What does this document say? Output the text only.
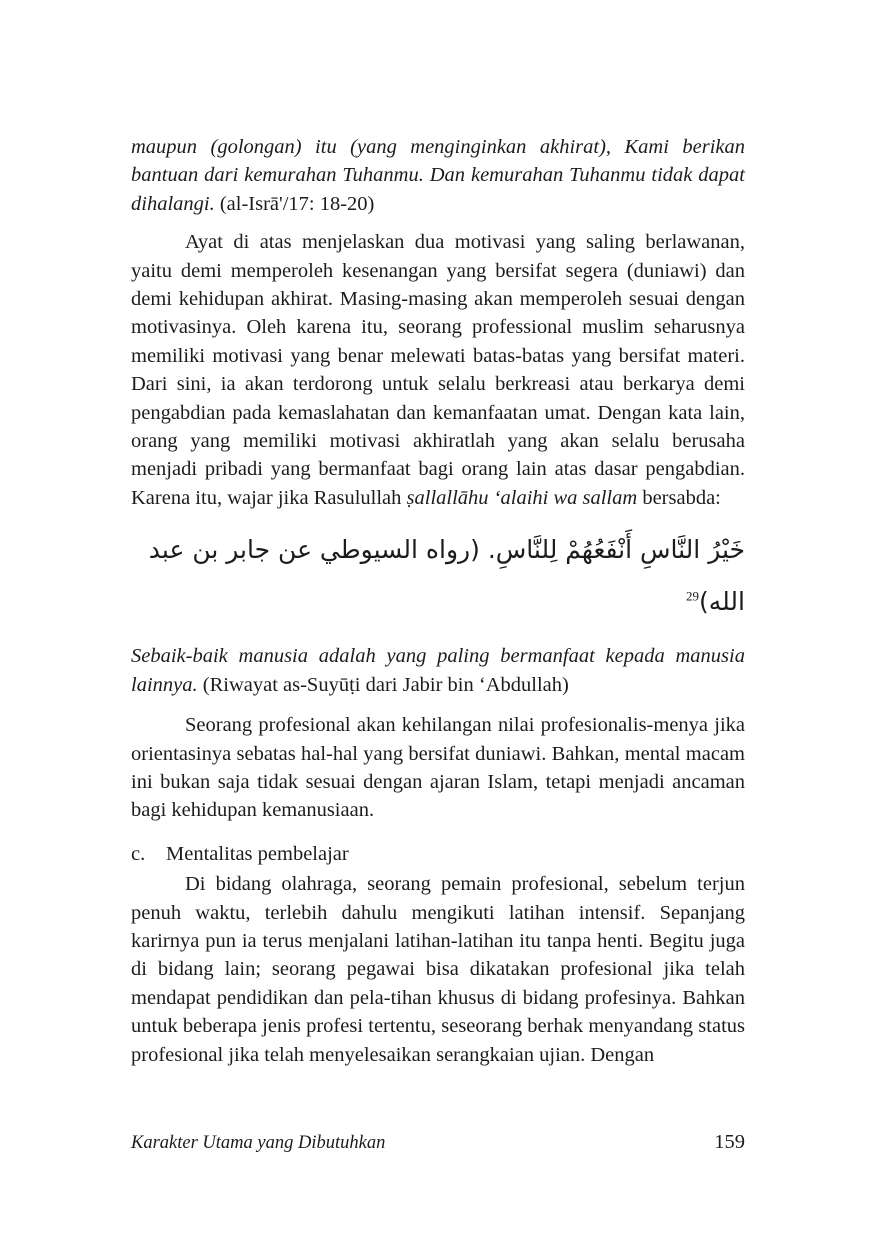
maupun (golongan) itu (yang menginginkan akhirat), Kami berikan bantuan dari kemurahan Tuhanmu. Dan kemurahan Tuhanmu tidak dapat dihalangi. (al-Isrā'/17: 18-20)

Ayat di atas menjelaskan dua motivasi yang saling berlawanan, yaitu demi memperoleh kesenangan yang bersifat segera (duniawi) dan demi kehidupan akhirat. Masing-masing akan memperoleh sesuai dengan motivasinya. Oleh karena itu, seorang professional muslim seharusnya memiliki motivasi yang benar melewati batas-batas yang bersifat materi. Dari sini, ia akan terdorong untuk selalu berkreasi atau berkarya demi pengabdian pada kemaslahatan dan kemanfaatan umat. Dengan kata lain, orang yang memiliki motivasi akhiratlah yang akan selalu berusaha menjadi pribadi yang bermanfaat bagi orang lain atas dasar pengabdian. Karena itu, wajar jika Rasulullah ṣallallāhu ‘alaihi wa sallam bersabda:

خَيْرُ النَّاسِ أَنْفَعُهُمْ لِلنَّاسِ. (رواه السيوطي عن جابر بن عبد الله)$^{29}$

Sebaik-baik manusia adalah yang paling bermanfaat kepada manusia lainnya. (Riwayat as-Suyūṭi dari Jabir bin ‘Abdullah)

Seorang profesional akan kehilangan nilai profesionalis-menya jika orientasinya sebatas hal-hal yang bersifat duniawi. Bahkan, mental macam ini bukan saja tidak sesuai dengan ajaran Islam, tetapi menjadi ancaman bagi kehidupan kemanusiaan.

c. Mentalitas pembelajar

Di bidang olahraga, seorang pemain profesional, sebelum terjun penuh waktu, terlebih dahulu mengikuti latihan intensif. Sepanjang karirnya pun ia terus menjalani latihan-latihan itu tanpa henti. Begitu juga di bidang lain; seorang pegawai bisa dikatakan profesional jika telah mendapat pendidikan dan pela-tihan khusus di bidang profesinya. Bahkan untuk beberapa jenis profesi tertentu, seseorang berhak menyandang status profesional jika telah menyelesaikan serangkaian ujian. Dengan

Karakter Utama yang Dibutuhkan	159
